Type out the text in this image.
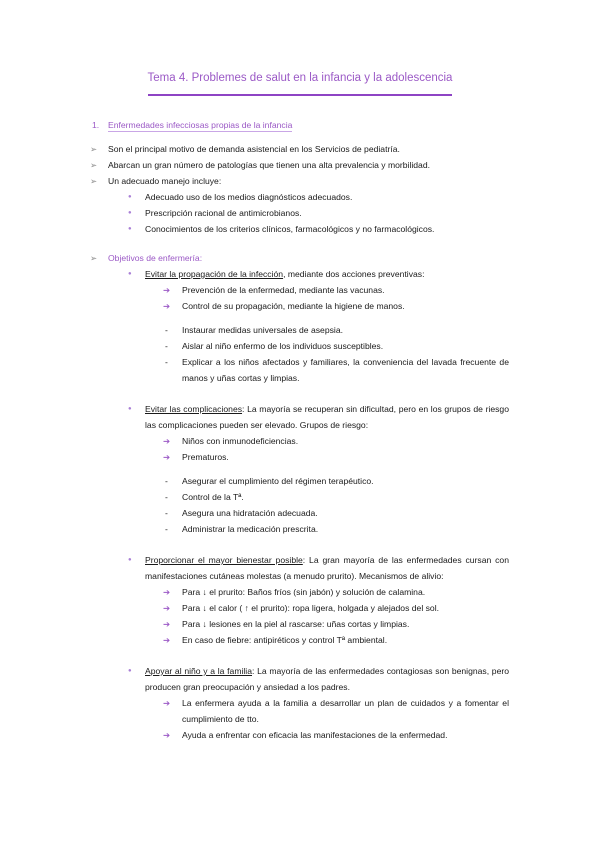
Tema 4. Problemes de salut en la infancia y la adolescencia
1. Enfermedades infecciosas propias de la infancia
➢ Son el principal motivo de demanda asistencial en los Servicios de pediatría.
➢ Abarcan un gran número de patologías que tienen una alta prevalencia y morbilidad.
➢ Un adecuado manejo incluye:
● Adecuado uso de los medios diagnósticos adecuados.
● Prescripción racional de antimicrobianos.
● Conocimientos de los criterios clínicos, farmacológicos y no farmacológicos.
➢ Objetivos de enfermería:
● Evitar la propagación de la infección, mediante dos acciones preventivas:
➔ Prevención de la enfermedad, mediante las vacunas.
➔ Control de su propagación, mediante la higiene de manos.
- Instaurar medidas universales de asepsia.
- Aislar al niño enfermo de los individuos susceptibles.
- Explicar a los niños afectados y familiares, la conveniencia del lavada frecuente de
manos y uñas cortas y limpias.
● Evitar las complicaciones: La mayoría se recuperan sin dificultad, pero en los grupos de riesgo
las complicaciones pueden ser elevado. Grupos de riesgo:
➔ Niños con inmunodeficiencias.
➔ Prematuros.
- Asegurar el cumplimiento del régimen terapéutico.
- Control de la Tª.
- Asegura una hidratación adecuada.
- Administrar la medicación prescrita.
● Proporcionar el mayor bienestar posible: La gran mayoría de las enfermedades cursan con
manifestaciones cutáneas molestas (a menudo prurito). Mecanismos de alivio:
➔ Para ↓ el prurito: Baños fríos (sin jabón) y solución de calamina.
➔ Para ↓ el calor ( ↑ el prurito): ropa ligera, holgada y alejados del sol.
➔ Para ↓ lesiones en la piel al rascarse: uñas cortas y limpias.
➔ En caso de fiebre: antipiréticos y control Tª ambiental.
● Apoyar al niño y a la familia: La mayoría de las enfermedades contagiosas son benignas, pero
producen gran preocupación y ansiedad a los padres.
➔ La enfermera ayuda a la familia a desarrollar un plan de cuidados y a fomentar el
cumplimiento de tto.
➔ Ayuda a enfrentar con eficacia las manifestaciones de la enfermedad.
